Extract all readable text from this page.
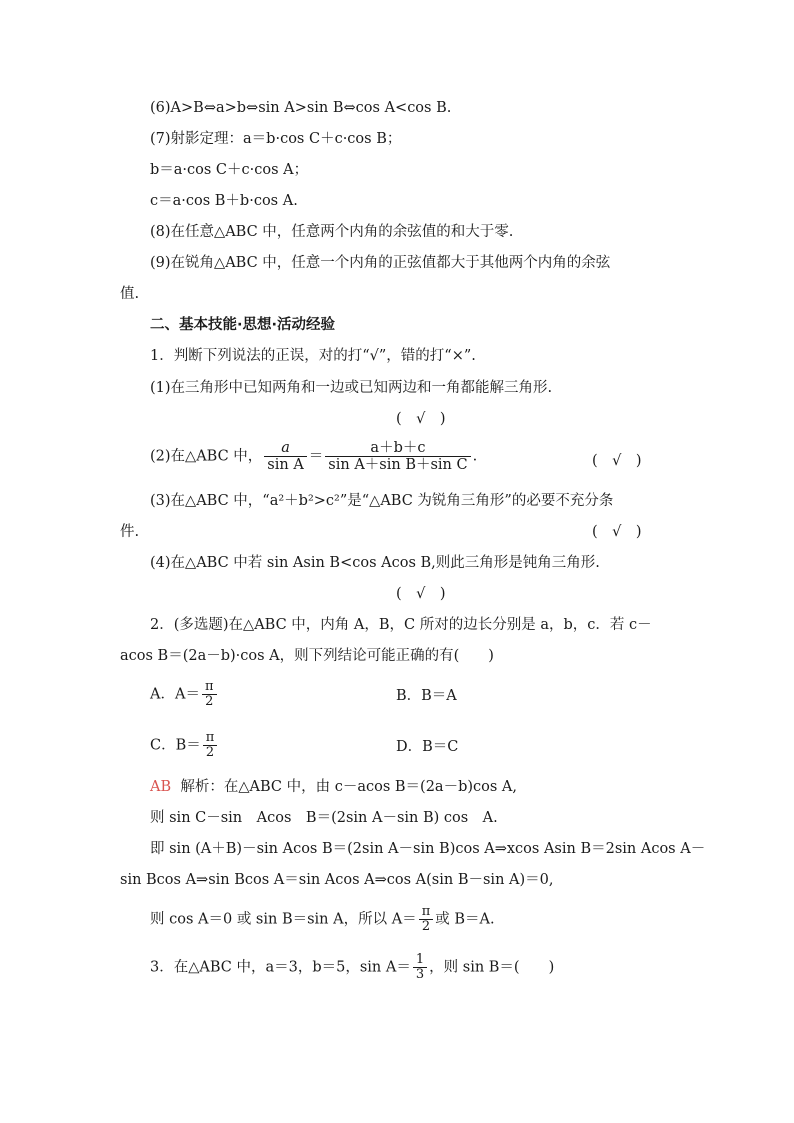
(6)A>B⇔a>b⇔sin A>sin B⇔cos A<cos B.
(7)射影定理：a＝b·cos C＋c·cos B；
b＝a·cos C＋c·cos A；
c＝a·cos B＋b·cos A.
(8)在任意△ABC 中，任意两个内角的余弦值的和大于零.
(9)在锐角△ABC 中，任意一个内角的正弦值都大于其他两个内角的余弦
值.
二、基本技能·思想·活动经验
1．判断下列说法的正误，对的打“√”，错的打“×”.
(1)在三角形中已知两角和一边或已知两边和一角都能解三角形.
(　√　)
(2)在△ABC 中， $\frac{a}{\text{sin A}} = \frac{a+b+c}{\text{sin A＋sin B＋sin C}}$ .	(　√　)
(3)在△ABC 中，“a²＋b²>c²”是“△ABC 为锐角三角形”的必要不充分条
件.	(　√　)
(4)在△ABC 中若 sin Asin B<cos Acos B,则此三角形是钝角三角形.
(　√　)
2．(多选题)在△ABC 中，内角 A，B，C 所对的边长分别是 a，b，c．若 c－
acos B＝(2a－b)·cos A，则下列结论可能正确的有(　　)
A．$A= \frac{\pi}{2}$	B．B＝A
C．$B= \frac{\pi}{2}$	D．B＝C
AB 解析：在△ABC 中，由 c－acos B＝(2a－b)cos A,
则 sin C－sin　Acos　B＝(2sin A－sin B) cos　A.
即 sin (A＋B)－sin Acos B＝(2sin A－sin B)cos A⇒xcos Asin B＝2sin Acos A－
sin Bcos A⇒sin Bcos A＝sin Acos A⇒cos A(sin B－sin A)＝0,
则 cos A＝0 或 sin B＝sin A，所以 $A= \frac{\pi}{2}$ 或 B＝A.
3．在△ABC 中，a＝3，b＝5，$\sin A= \frac{1}{3}$ ，则 sin B＝(　　)
